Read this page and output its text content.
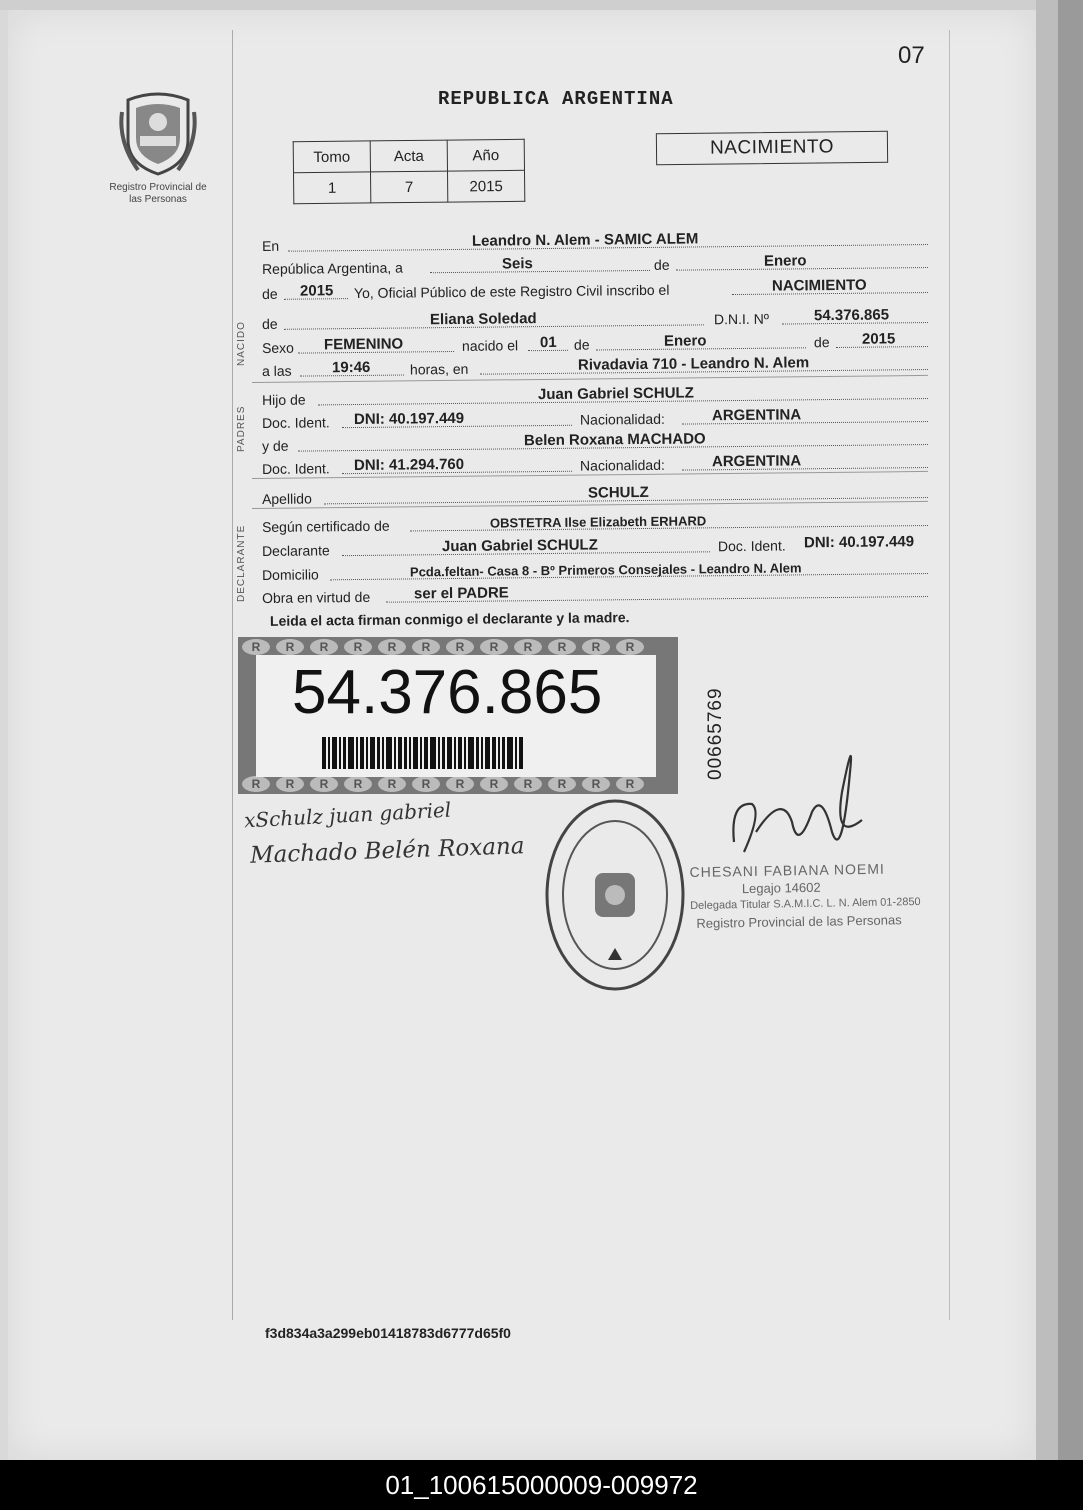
07
Registro Provincial de las Personas
REPUBLICA ARGENTINA
Tomo	Acta	Año
1	7	2015
NACIMIENTO
En	Leandro N. Alem - SAMIC ALEM
República Argentina, a	Seis	de	Enero
de 2015 Yo, Oficial Público de este Registro Civil inscribo el	NACIMIENTO
de	Eliana Soledad	D.N.I. Nº	54.376.865
Sexo FEMENINO	nacido el 01 de	Enero	de 2015
a las	19:46	horas, en	Rivadavia 710 - Leandro N. Alem
Hijo de	Juan Gabriel SCHULZ
Doc. Ident. DNI: 40.197.449	Nacionalidad:	ARGENTINA
y de	Belen Roxana MACHADO
Doc. Ident. DNI: 41.294.760	Nacionalidad:	ARGENTINA
Apellido	SCHULZ
Según certificado de	OBSTETRA Ilse Elizabeth ERHARD
Declarante	Juan Gabriel SCHULZ	Doc. Ident. DNI: 40.197.449
Domicilio	Pcda.feltan- Casa 8 - Bº Primeros Consejales - Leandro N. Alem
Obra en virtud de	ser el PADRE
NACIDO
PADRES
DECLARANTE
Leida el acta firman conmigo el declarante y la madre.
R	R	R	R	R	R	R	R	R	R	R	R
R	R	R	R	R	R	R	R	R	R	R	R
54.376.865	00665769
xSchulz juan gabriel
Machado Belén Roxana
CHESANI FABIANA NOEMI
Legajo 14602
Delegada Titular S.A.M.I.C. L. N. Alem 01-2850
Registro Provincial de las Personas
f3d834a3a299eb01418783d6777d65f0
01_100615000009-009972
